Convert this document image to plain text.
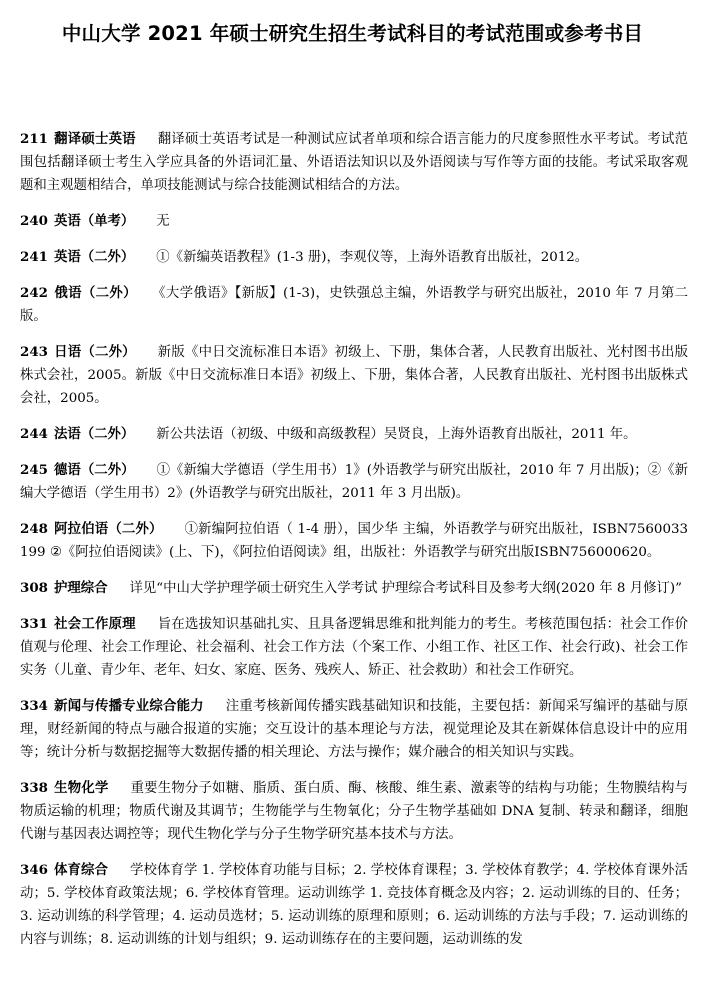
中山大学 2021 年硕士研究生招生考试科目的考试范围或参考书目
211 翻译硕士英语 翻译硕士英语考试是一种测试应试者单项和综合语言能力的尺度参照性水平考试。考试范围包括翻译硕士考生入学应具备的外语词汇量、外语语法知识以及外语阅读与写作等方面的技能。考试采取客观题和主观题相结合，单项技能测试与综合技能测试相结合的方法。
240 英语（单考） 无
241 英语（二外） ①《新编英语教程》(1-3 册)，李观仪等，上海外语教育出版社，2012。
242 俄语（二外） 《大学俄语》【新版】(1-3)，史铁强总主编，外语教学与研究出版社，2010 年 7 月第二版。
243 日语（二外） 新版《中日交流标准日本语》初级上、下册，集体合著，人民教育出版社、光村图书出版株式会社，2005。新版《中日交流标准日本语》初级上、下册，集体合著，人民教育出版社、光村图书出版株式会社，2005。
244 法语（二外） 新公共法语（初级、中级和高级教程）吴贤良，上海外语教育出版社，2011 年。
245 德语（二外） ①《新编大学德语（学生用书）1》(外语教学与研究出版社，2010 年 7 月出版)；②《新编大学德语（学生用书）2》(外语教学与研究出版社，2011 年 3 月出版)。
248 阿拉伯语（二外） ①新编阿拉伯语（ 1-4 册），国少华 主编，外语教学与研究出版社，ISBN7560033199 ②《阿拉伯语阅读》(上、下)，《阿拉伯语阅读》组，出版社：外语教学与研究出版ISBN756000620。
308 护理综合 详见“中山大学护理学硕士研究生入学考试 护理综合考试科目及参考大纲(2020 年 8 月修订)”
331 社会工作原理 旨在选拔知识基础扎实、且具备逻辑思维和批判能力的考生。考核范围包括：社会工作价值观与伦理、社会工作理论、社会福利、社会工作方法（个案工作、小组工作、社区工作、社会行政)、社会工作实务（儿童、青少年、老年、妇女、家庭、医务、残疾人、矫正、社会救助）和社会工作研究。
334 新闻与传播专业综合能力 注重考核新闻传播实践基础知识和技能，主要包括：新闻采写编评的基础与原理，财经新闻的特点与融合报道的实施；交互设计的基本理论与方法，视觉理论及其在新媒体信息设计中的应用等；统计分析与数据挖掘等大数据传播的相关理论、方法与操作；媒介融合的相关知识与实践。
338 生物化学 重要生物分子如糖、脂质、蛋白质、酶、核酸、维生素、激素等的结构与功能；生物膜结构与物质运输的机理；物质代谢及其调节；生物能学与生物氧化；分子生物学基础如 DNA 复制、转录和翻译，细胞代谢与基因表达调控等；现代生物化学与分子生物学研究基本技术与方法。
346 体育综合 学校体育学 1. 学校体育功能与目标；2. 学校体育课程；3. 学校体育教学；4. 学校体育课外活动；5. 学校体育政策法规；6. 学校体育管理。运动训练学 1. 竞技体育概念及内容；2. 运动训练的目的、任务；3. 运动训练的科学管理；4. 运动员选材；5. 运动训练的原理和原则；6. 运动训练的方法与手段；7. 运动训练的内容与训练；8. 运动训练的计划与组织；9. 运动训练存在的主要问题，运动训练的发
